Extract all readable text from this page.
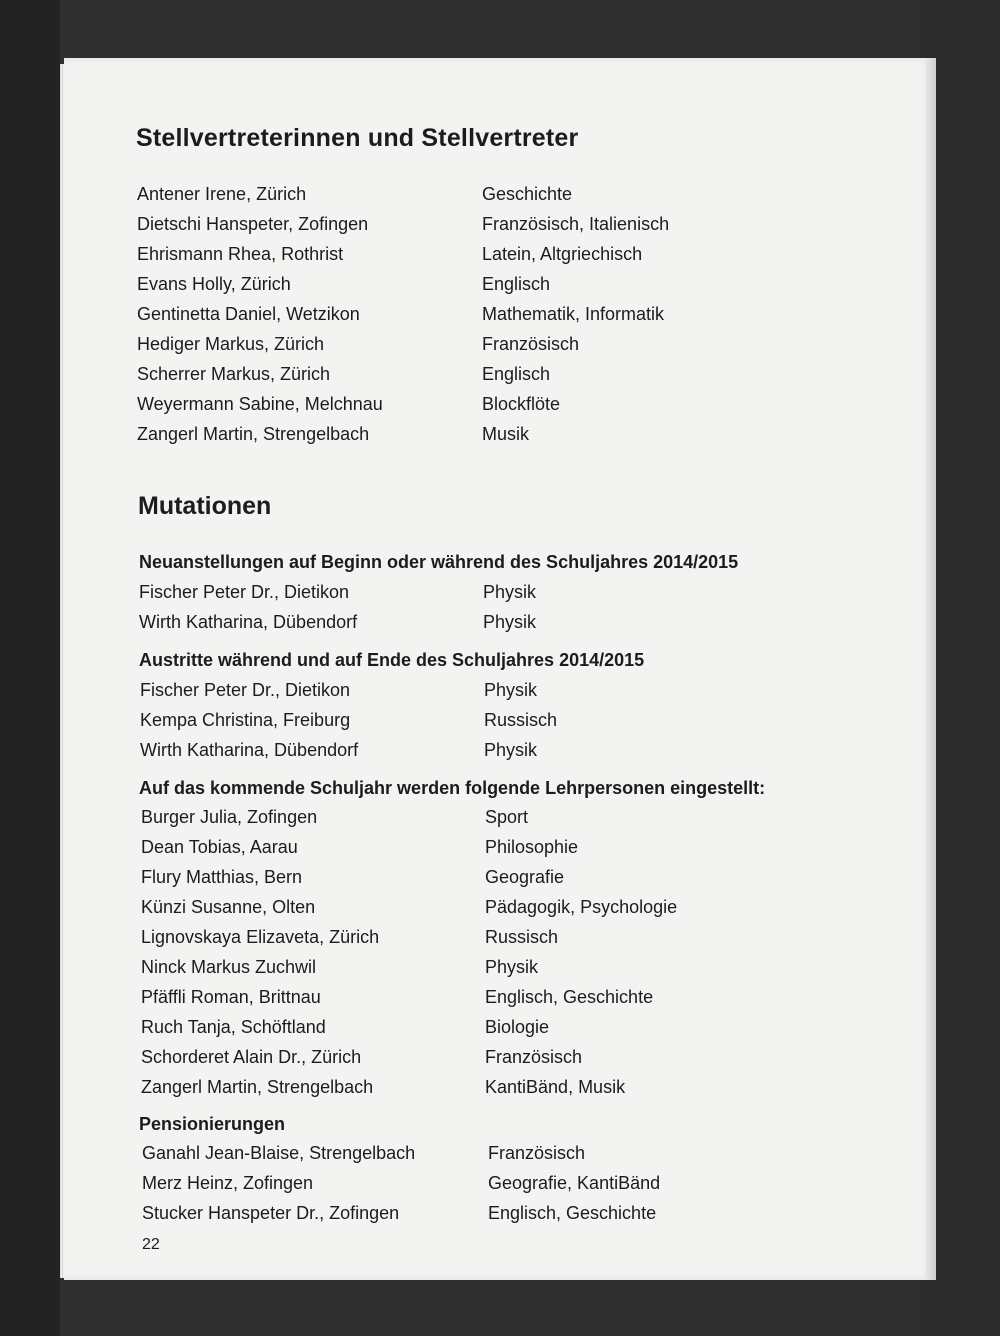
Stellvertreterinnen und Stellvertreter
Antener Irene, Zürich	Geschichte
Dietschi Hanspeter, Zofingen	Französisch, Italienisch
Ehrismann Rhea, Rothrist	Latein, Altgriechisch
Evans Holly, Zürich	Englisch
Gentinetta Daniel, Wetzikon	Mathematik, Informatik
Hediger Markus, Zürich	Französisch
Scherrer Markus, Zürich	Englisch
Weyermann Sabine, Melchnau	Blockflöte
Zangerl Martin, Strengelbach	Musik
Mutationen
Neuanstellungen auf Beginn oder während des Schuljahres 2014/2015
Fischer Peter Dr., Dietikon	Physik
Wirth Katharina, Dübendorf	Physik
Austritte während und auf Ende des Schuljahres 2014/2015
Fischer Peter Dr., Dietikon	Physik
Kempa Christina, Freiburg	Russisch
Wirth Katharina, Dübendorf	Physik
Auf das kommende Schuljahr werden folgende Lehrpersonen eingestellt:
Burger Julia, Zofingen	Sport
Dean Tobias, Aarau	Philosophie
Flury Matthias, Bern	Geografie
Künzi Susanne, Olten	Pädagogik, Psychologie
Lignovskaya Elizaveta, Zürich	Russisch
Ninck Markus Zuchwil	Physik
Pfäffli Roman, Brittnau	Englisch, Geschichte
Ruch Tanja, Schöftland	Biologie
Schorderet Alain Dr., Zürich	Französisch
Zangerl Martin, Strengelbach	KantiBänd, Musik
Pensionierungen
Ganahl Jean-Blaise, Strengelbach	Französisch
Merz Heinz, Zofingen	Geografie, KantiBänd
Stucker Hanspeter Dr., Zofingen	Englisch, Geschichte
22
